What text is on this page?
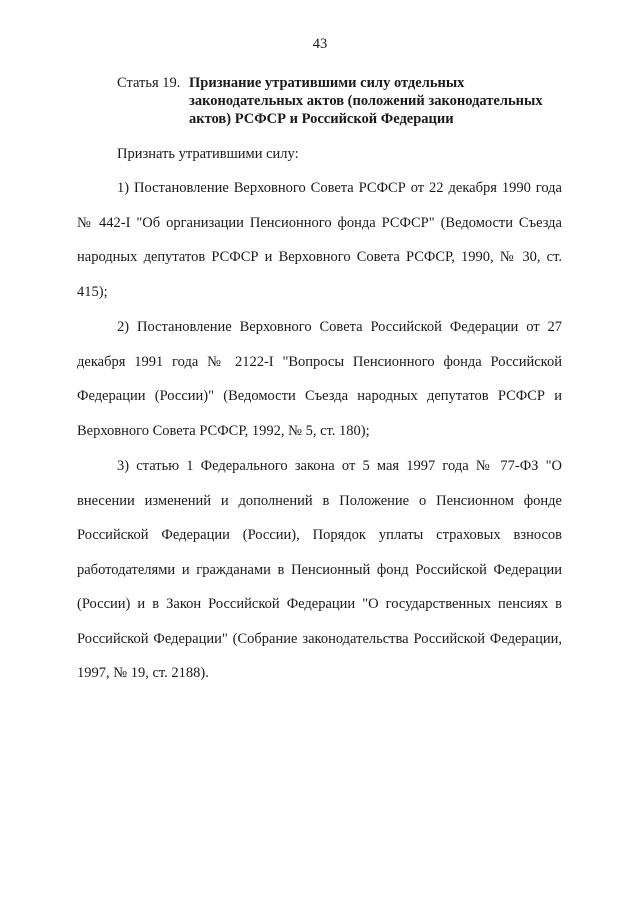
43
Статья 19. Признание утратившими силу отдельных
законодательных актов (положений законодательных
актов) РСФСР и Российской Федерации
Признать утратившими силу:

1) Постановление Верховного Совета РСФСР от 22 декабря 1990 года № 442-I "Об организации Пенсионного фонда РСФСР" (Ведомости Съезда народных депутатов РСФСР и Верховного Совета РСФСР, 1990, № 30, ст. 415);

2) Постановление Верховного Совета Российской Федерации от 27 декабря 1991 года № 2122-I "Вопросы Пенсионного фонда Российской Федерации (России)" (Ведомости Съезда народных депутатов РСФСР и Верховного Совета РСФСР, 1992, № 5, ст. 180);

3) статью 1 Федерального закона от 5 мая 1997 года № 77-ФЗ "О внесении изменений и дополнений в Положение о Пенсионном фонде Российской Федерации (России), Порядок уплаты страховых взносов работодателями и гражданами в Пенсионный фонд Российской Федерации (России) и в Закон Российской Федерации "О государственных пенсиях в Российской Федерации" (Собрание законодательства Российской Федерации, 1997, № 19, ст. 2188).
